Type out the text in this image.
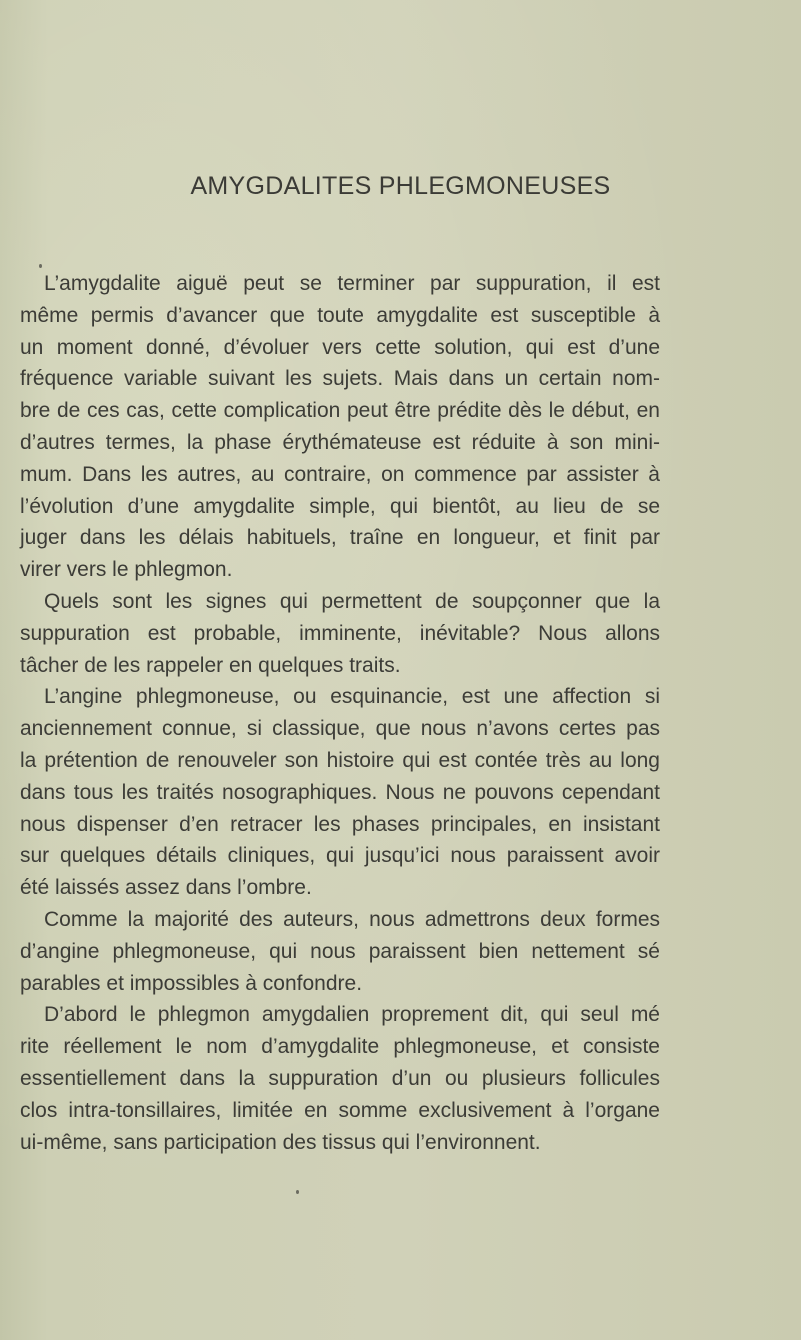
AMYGDALITES PHLEGMONEUSES
L’amygdalite aiguë peut se terminer par suppuration, il est
même permis d’avancer que toute amygdalite est susceptible à
un moment donné, d’évoluer vers cette solution, qui est d’une
fréquence variable suivant les sujets. Mais dans un certain nom-
bre de ces cas, cette complication peut être prédite dès le début, en
d’autres termes, la phase érythémateuse est réduite à son mini-
mum. Dans les autres, au contraire, on commence par assister à
l’évolution d’une amygdalite simple, qui bientôt, au lieu de se
juger dans les délais habituels, traîne en longueur, et finit par
virer vers le phlegmon.
Quels sont les signes qui permettent de soupçonner que la
suppuration est probable, imminente, inévitable? Nous allons
tâcher de les rappeler en quelques traits.
L’angine phlegmoneuse, ou esquinancie, est une affection si
anciennement connue, si classique, que nous n’avons certes pas
la prétention de renouveler son histoire qui est contée très au long
dans tous les traités nosographiques. Nous ne pouvons cependant
nous dispenser d’en retracer les phases principales, en insistant
sur quelques détails cliniques, qui jusqu’ici nous paraissent avoir
été laissés assez dans l’ombre.
Comme la majorité des auteurs, nous admettrons deux formes
d’angine phlegmoneuse, qui nous paraissent bien nettement sé
parables et impossibles à confondre.
D’abord le phlegmon amygdalien proprement dit, qui seul mé
rite réellement le nom d’amygdalite phlegmoneuse, et consiste
essentiellement dans la suppuration d’un ou plusieurs follicules
clos intra-tonsillaires, limitée en somme exclusivement à l’organe
ui-même, sans participation des tissus qui l’environnent.
